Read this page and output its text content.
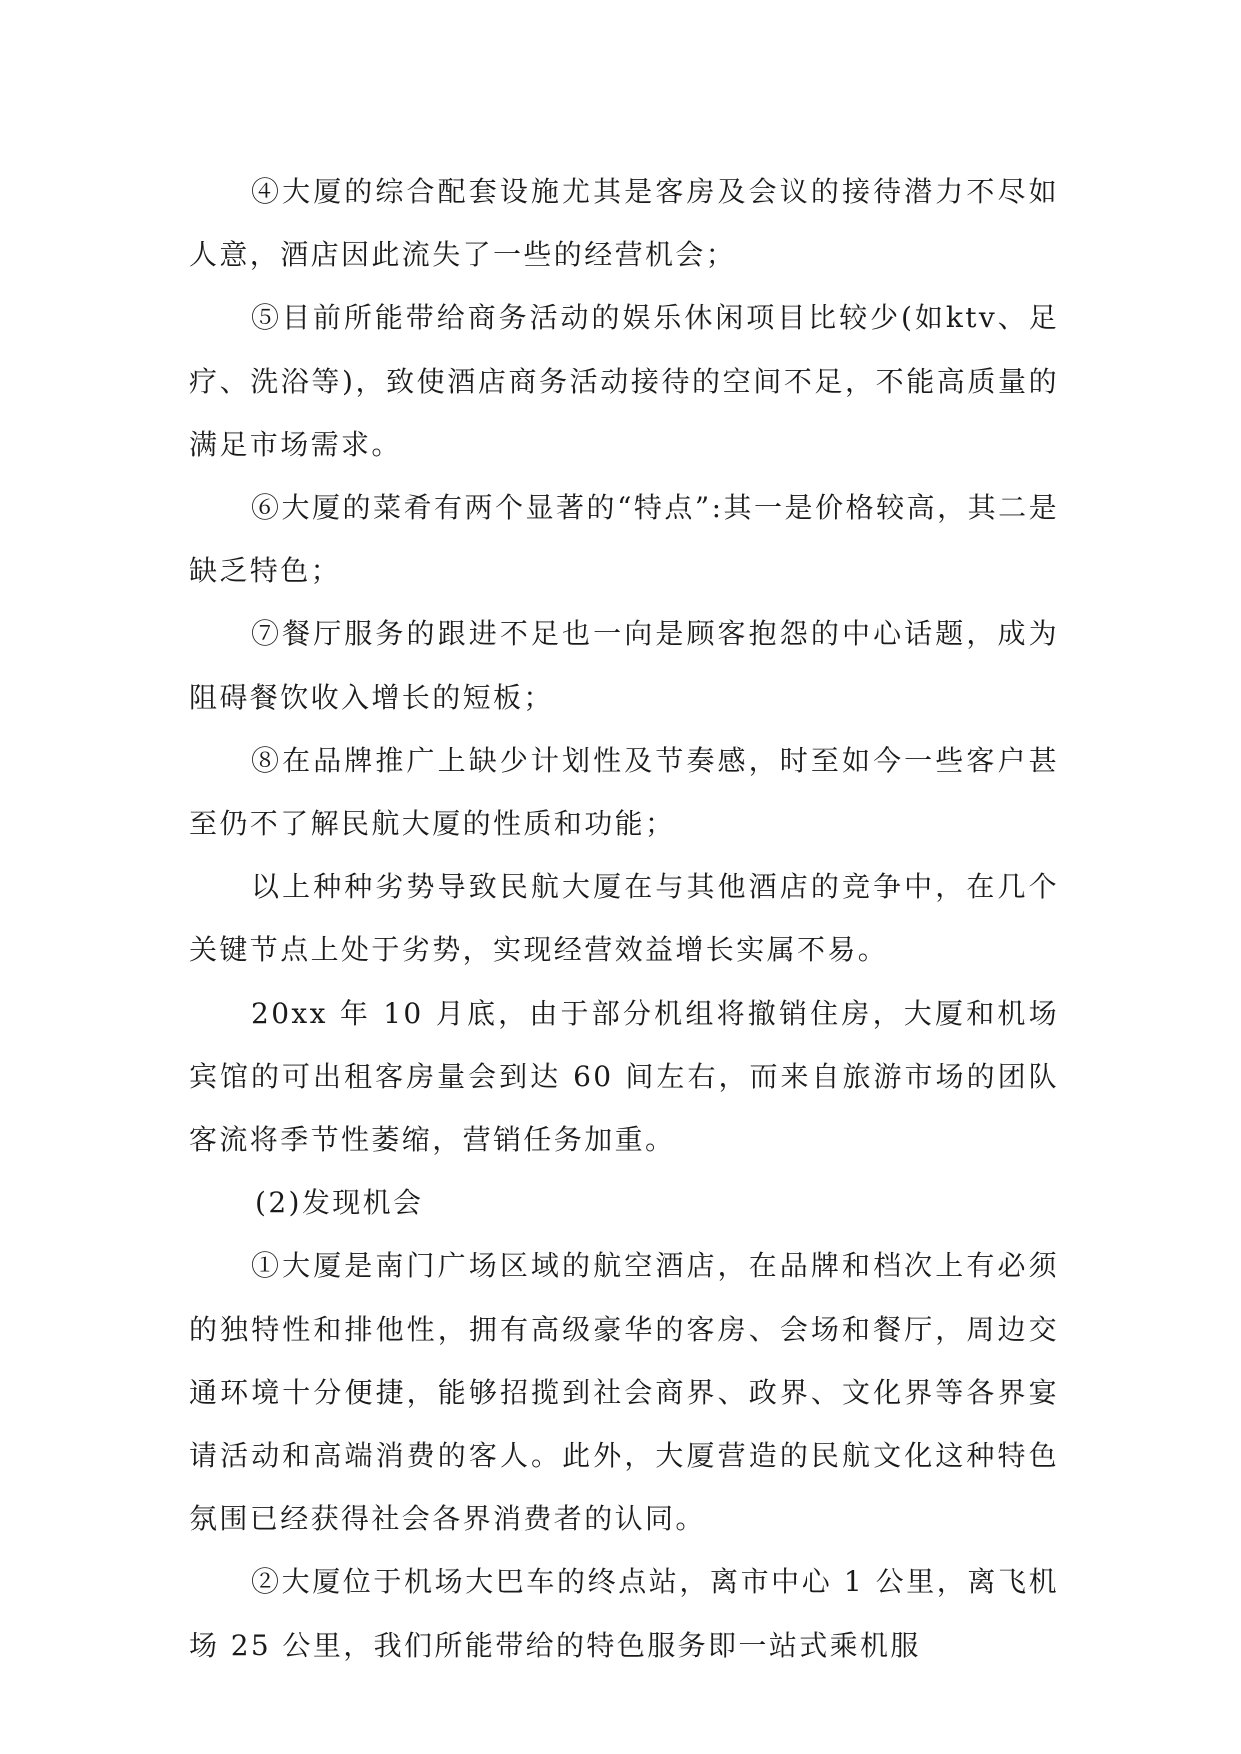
④大厦的综合配套设施尤其是客房及会议的接待潜力不尽如人意，酒店因此流失了一些的经营机会；

⑤目前所能带给商务活动的娱乐休闲项目比较少(如ktv、足疗、洗浴等)，致使酒店商务活动接待的空间不足，不能高质量的满足市场需求。

⑥大厦的菜肴有两个显著的“特点”:其一是价格较高，其二是缺乏特色；

⑦餐厅服务的跟进不足也一向是顾客抱怨的中心话题，成为阻碍餐饮收入增长的短板；

⑧在品牌推广上缺少计划性及节奏感，时至如今一些客户甚至仍不了解民航大厦的性质和功能；

以上种种劣势导致民航大厦在与其他酒店的竞争中，在几个关键节点上处于劣势，实现经营效益增长实属不易。

20xx 年 10 月底，由于部分机组将撤销住房，大厦和机场宾馆的可出租客房量会到达 60 间左右，而来自旅游市场的团队客流将季节性萎缩，营销任务加重。

(2)发现机会

①大厦是南门广场区域的航空酒店，在品牌和档次上有必须的独特性和排他性，拥有高级豪华的客房、会场和餐厅，周边交通环境十分便捷，能够招揽到社会商界、政界、文化界等各界宴请活动和高端消费的客人。此外，大厦营造的民航文化这种特色氛围已经获得社会各界消费者的认同。

②大厦位于机场大巴车的终点站，离市中心 1 公里，离飞机场 25 公里，我们所能带给的特色服务即一站式乘机服
